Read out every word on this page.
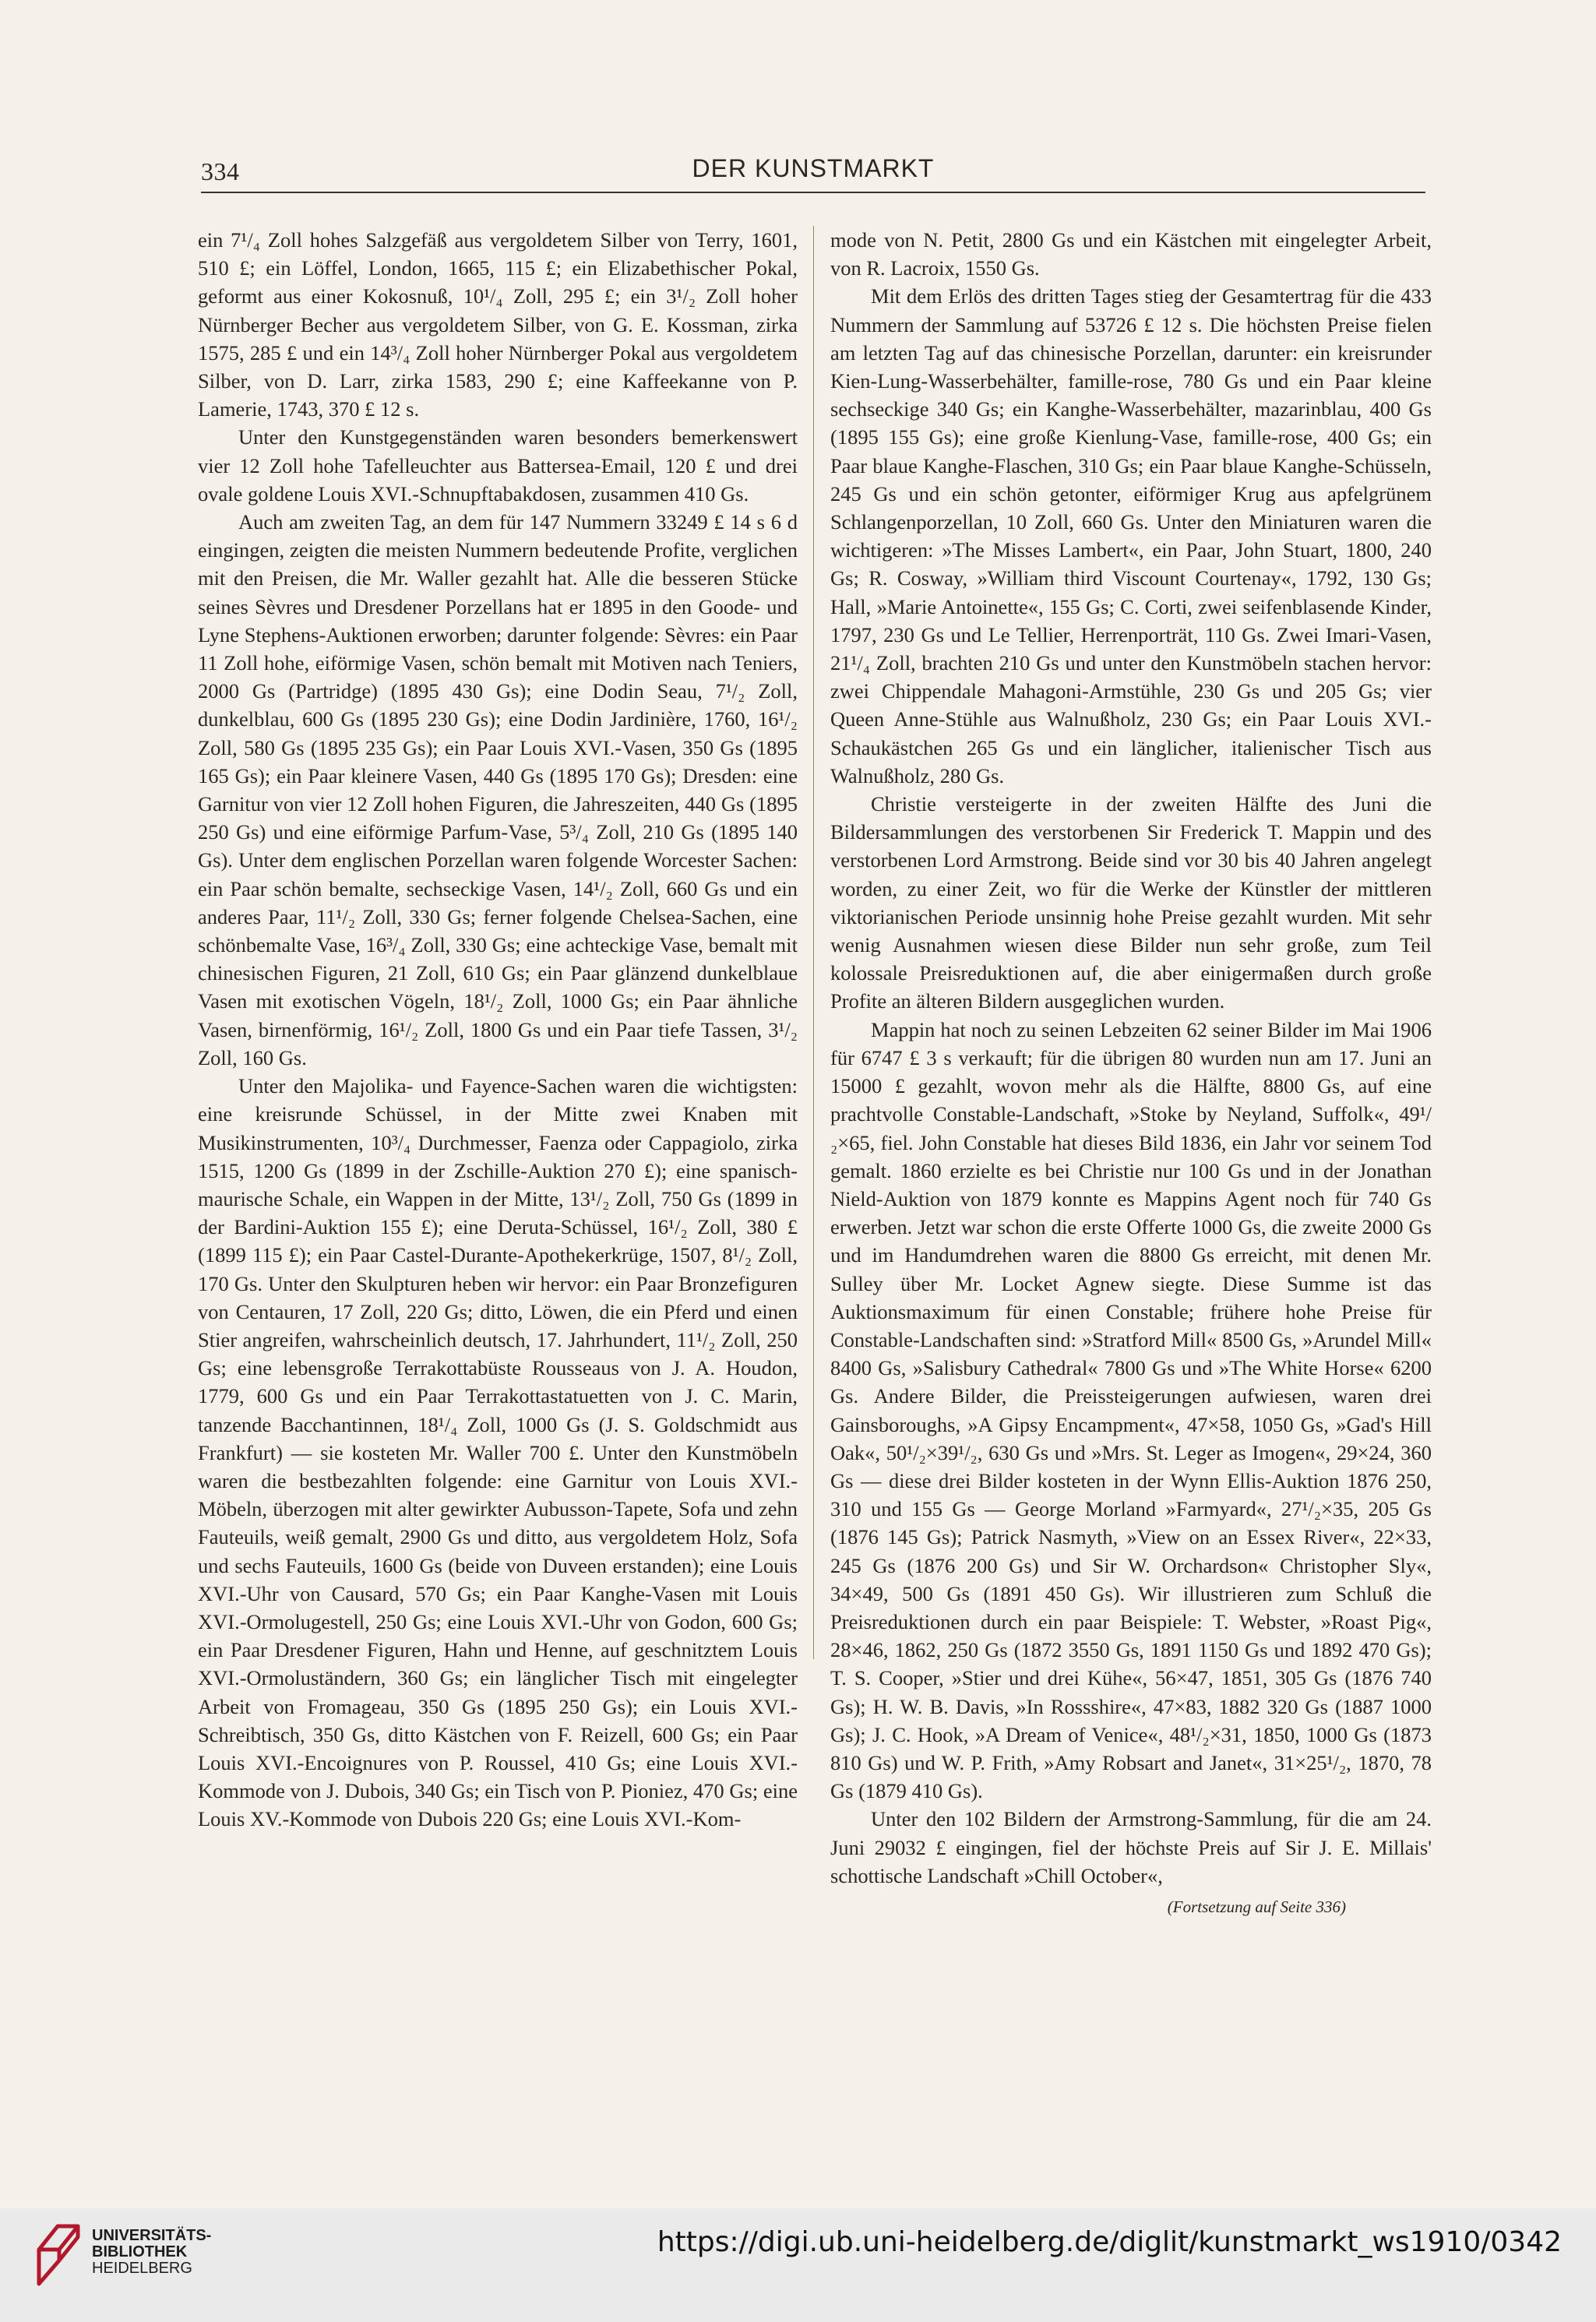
334	DER KUNSTMARKT

ein 7¹/₄ Zoll hohes Salzgefäß aus vergoldetem Silber von Terry, 1601, 510 £; ein Löffel, London, 1665, 115 £; ein Elizabethischer Pokal, geformt aus einer Kokosnuß, 10¹/₄ Zoll, 295 £; ein 3¹/₂ Zoll hoher Nürnberger Becher aus vergoldetem Silber, von G. E. Kossman, zirka 1575, 285 £ und ein 14³/₄ Zoll hoher Nürnberger Pokal aus vergoldetem Silber, von D. Larr, zirka 1583, 290 £; eine Kaffeekanne von P. Lamerie, 1743, 370 £ 12 s.

Unter den Kunstgegenständen waren besonders bemerkenswert vier 12 Zoll hohe Tafelleuchter aus Battersea-Email, 120 £ und drei ovale goldene Louis XVI.-Schnupftabakdosen, zusammen 410 Gs.

Auch am zweiten Tag, an dem für 147 Nummern 33249 £ 14 s 6 d eingingen, zeigten die meisten Nummern bedeutende Profite, verglichen mit den Preisen, die Mr. Waller gezahlt hat. Alle die besseren Stücke seines Sèvres und Dresdener Porzellans hat er 1895 in den Goode- und Lyne Stephens-Auktionen erworben; darunter folgende: Sèvres: ein Paar 11 Zoll hohe, eiförmige Vasen, schön bemalt mit Motiven nach Teniers, 2000 Gs (Partridge) (1895 430 Gs); eine Dodin Seau, 7¹/₂ Zoll, dunkelblau, 600 Gs (1895 230 Gs); eine Dodin Jardinière, 1760, 16¹/₂ Zoll, 580 Gs (1895 235 Gs); ein Paar Louis XVI.-Vasen, 350 Gs (1895 165 Gs); ein Paar kleinere Vasen, 440 Gs (1895 170 Gs); Dresden: eine Garnitur von vier 12 Zoll hohen Figuren, die Jahreszeiten, 440 Gs (1895 250 Gs) und eine eiförmige Parfum-Vase, 5³/₄ Zoll, 210 Gs (1895 140 Gs). Unter dem englischen Porzellan waren folgende Worcester Sachen: ein Paar schön bemalte, sechseckige Vasen, 14¹/₂ Zoll, 660 Gs und ein anderes Paar, 11¹/₂ Zoll, 330 Gs; ferner folgende Chelsea-Sachen, eine schönbemalte Vase, 16³/₄ Zoll, 330 Gs; eine achteckige Vase, bemalt mit chinesischen Figuren, 21 Zoll, 610 Gs; ein Paar glänzend dunkelblaue Vasen mit exotischen Vögeln, 18¹/₂ Zoll, 1000 Gs; ein Paar ähnliche Vasen, birnenförmig, 16¹/₂ Zoll, 1800 Gs und ein Paar tiefe Tassen, 3¹/₂ Zoll, 160 Gs.

Unter den Majolika- und Fayence-Sachen waren die wichtigsten: eine kreisrunde Schüssel, in der Mitte zwei Knaben mit Musikinstrumenten, 10³/₄ Durchmesser, Faenza oder Cappagiolo, zirka 1515, 1200 Gs (1899 in der Zschille-Auktion 270 £); eine spanisch-maurische Schale, ein Wappen in der Mitte, 13¹/₂ Zoll, 750 Gs (1899 in der Bardini-Auktion 155 £); eine Deruta-Schüssel, 16¹/₂ Zoll, 380 £ (1899 115 £); ein Paar Castel-Durante-Apothekerkrüge, 1507, 8¹/₂ Zoll, 170 Gs. Unter den Skulpturen heben wir hervor: ein Paar Bronzefiguren von Centauren, 17 Zoll, 220 Gs; ditto, Löwen, die ein Pferd und einen Stier angreifen, wahrscheinlich deutsch, 17. Jahrhundert, 11¹/₂ Zoll, 250 Gs; eine lebensgroße Terrakottabüste Rousseaus von J. A. Houdon, 1779, 600 Gs und ein Paar Terrakottastatuetten von J. C. Marin, tanzende Bacchantinnen, 18¹/₄ Zoll, 1000 Gs (J. S. Goldschmidt aus Frankfurt) — sie kosteten Mr. Waller 700 £. Unter den Kunstmöbeln waren die bestbezahlten folgende: eine Garnitur von Louis XVI.-Möbeln, überzogen mit alter gewirkter Aubusson-Tapete, Sofa und zehn Fauteuils, weiß gemalt, 2900 Gs und ditto, aus vergoldetem Holz, Sofa und sechs Fauteuils, 1600 Gs (beide von Duveen erstanden); eine Louis XVI.-Uhr von Causard, 570 Gs; ein Paar Kanghe-Vasen mit Louis XVI.-Ormolugestell, 250 Gs; eine Louis XVI.-Uhr von Godon, 600 Gs; ein Paar Dresdener Figuren, Hahn und Henne, auf geschnitztem Louis XVI.-Ormoluständern, 360 Gs; ein länglicher Tisch mit eingelegter Arbeit von Fromageau, 350 Gs (1895 250 Gs); ein Louis XVI.-Schreibtisch, 350 Gs, ditto Kästchen von F. Reizell, 600 Gs; ein Paar Louis XVI.-Encoignures von P. Roussel, 410 Gs; eine Louis XVI.-Kommode von J. Dubois, 340 Gs; ein Tisch von P. Pioniez, 470 Gs; eine Louis XV.-Kommode von Dubois 220 Gs; eine Louis XVI.-Kom-

mode von N. Petit, 2800 Gs und ein Kästchen mit eingelegter Arbeit, von R. Lacroix, 1550 Gs.

Mit dem Erlös des dritten Tages stieg der Gesamtertrag für die 433 Nummern der Sammlung auf 53726 £ 12 s. Die höchsten Preise fielen am letzten Tag auf das chinesische Porzellan, darunter: ein kreisrunder Kien-Lung-Wasserbehälter, famille-rose, 780 Gs und ein Paar kleine sechseckige 340 Gs; ein Kanghe-Wasserbehälter, mazarinblau, 400 Gs (1895 155 Gs); eine große Kienlung-Vase, famille-rose, 400 Gs; ein Paar blaue Kanghe-Flaschen, 310 Gs; ein Paar blaue Kanghe-Schüsseln, 245 Gs und ein schön getonter, eiförmiger Krug aus apfelgrünem Schlangenporzellan, 10 Zoll, 660 Gs. Unter den Miniaturen waren die wichtigeren: »The Misses Lambert«, ein Paar, John Stuart, 1800, 240 Gs; R. Cosway, »William third Viscount Courtenay«, 1792, 130 Gs; Hall, »Marie Antoinette«, 155 Gs; C. Corti, zwei seifenblasende Kinder, 1797, 230 Gs und Le Tellier, Herrenporträt, 110 Gs. Zwei Imari-Vasen, 21¹/₄ Zoll, brachten 210 Gs und unter den Kunstmöbeln stachen hervor: zwei Chippendale Mahagoni-Armstühle, 230 Gs und 205 Gs; vier Queen Anne-Stühle aus Walnußholz, 230 Gs; ein Paar Louis XVI.-Schaukästchen 265 Gs und ein länglicher, italienischer Tisch aus Walnußholz, 280 Gs.

Christie versteigerte in der zweiten Hälfte des Juni die Bildersammlungen des verstorbenen Sir Frederick T. Mappin und des verstorbenen Lord Armstrong. Beide sind vor 30 bis 40 Jahren angelegt worden, zu einer Zeit, wo für die Werke der Künstler der mittleren viktorianischen Periode unsinnig hohe Preise gezahlt wurden. Mit sehr wenig Ausnahmen wiesen diese Bilder nun sehr große, zum Teil kolossale Preisreduktionen auf, die aber einigermaßen durch große Profite an älteren Bildern ausgeglichen wurden.

Mappin hat noch zu seinen Lebzeiten 62 seiner Bilder im Mai 1906 für 6747 £ 3 s verkauft; für die übrigen 80 wurden nun am 17. Juni an 15000 £ gezahlt, wovon mehr als die Hälfte, 8800 Gs, auf eine prachtvolle Constable-Landschaft, »Stoke by Neyland, Suffolk«, 49¹/₂×65, fiel. John Constable hat dieses Bild 1836, ein Jahr vor seinem Tod gemalt. 1860 erzielte es bei Christie nur 100 Gs und in der Jonathan Nield-Auktion von 1879 konnte es Mappins Agent noch für 740 Gs erwerben. Jetzt war schon die erste Offerte 1000 Gs, die zweite 2000 Gs und im Handumdrehen waren die 8800 Gs erreicht, mit denen Mr. Sulley über Mr. Locket Agnew siegte. Diese Summe ist das Auktionsmaximum für einen Constable; frühere hohe Preise für Constable-Landschaften sind: »Stratford Mill« 8500 Gs, »Arundel Mill« 8400 Gs, »Salisbury Cathedral« 7800 Gs und »The White Horse« 6200 Gs. Andere Bilder, die Preissteigerungen aufwiesen, waren drei Gainsboroughs, »A Gipsy Encampment«, 47×58, 1050 Gs, »Gad's Hill Oak«, 50¹/₂×39¹/₂, 630 Gs und »Mrs. St. Leger as Imogen«, 29×24, 360 Gs — diese drei Bilder kosteten in der Wynn Ellis-Auktion 1876 250, 310 und 155 Gs — George Morland »Farmyard«, 27¹/₂×35, 205 Gs (1876 145 Gs); Patrick Nasmyth, »View on an Essex River«, 22×33, 245 Gs (1876 200 Gs) und Sir W. Orchardson« Christopher Sly«, 34×49, 500 Gs (1891 450 Gs). Wir illustrieren zum Schluß die Preisreduktionen durch ein paar Beispiele: T. Webster, »Roast Pig«, 28×46, 1862, 250 Gs (1872 3550 Gs, 1891 1150 Gs und 1892 470 Gs); T. S. Cooper, »Stier und drei Kühe«, 56×47, 1851, 305 Gs (1876 740 Gs); H. W. B. Davis, »In Rossshire«, 47×83, 1882 320 Gs (1887 1000 Gs); J. C. Hook, »A Dream of Venice«, 48¹/₂×31, 1850, 1000 Gs (1873 810 Gs) und W. P. Frith, »Amy Robsart and Janet«, 31×25¹/₂, 1870, 78 Gs (1879 410 Gs).

Unter den 102 Bildern der Armstrong-Sammlung, für die am 24. Juni 29032 £ eingingen, fiel der höchste Preis auf Sir J. E. Millais' schottische Landschaft »Chill October«,

(Fortsetzung auf Seite 336)

UNIVERSITÄTS-
BIBLIOTHEK
HEIDELBERG
https://digi.ub.uni-heidelberg.de/diglit/kunstmarkt_ws1910/0342
